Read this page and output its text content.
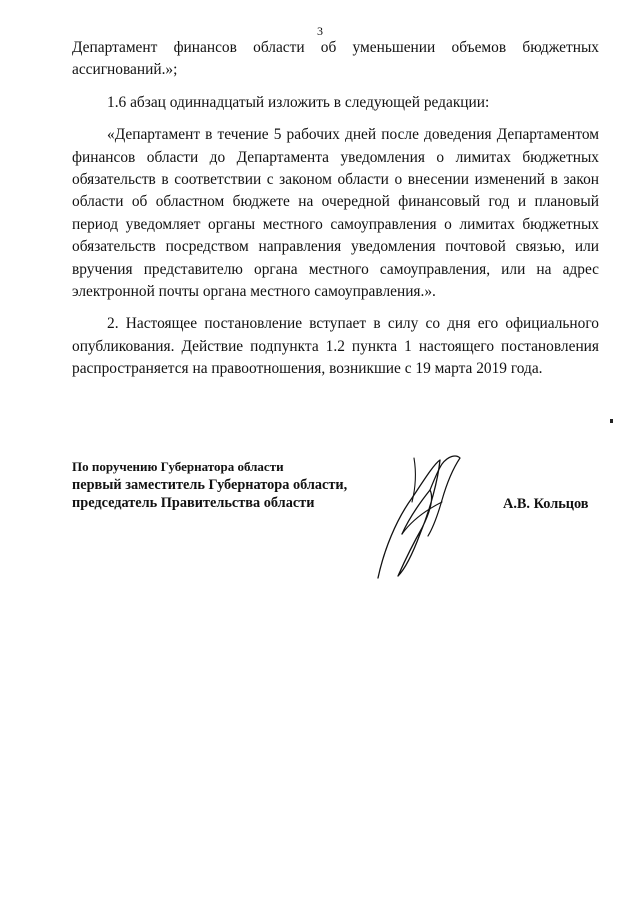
3

Департамент финансов области об уменьшении объемов бюджетных ассигнований.»;

1.6 абзац одиннадцатый изложить в следующей редакции:

«Департамент в течение 5 рабочих дней после доведения Департаментом финансов области до Департамента уведомления о лимитах бюджетных обязательств в соответствии с законом области о внесении изменений в закон области об областном бюджете на очередной финансовый год и плановый период уведомляет органы местного самоуправления о лимитах бюджетных обязательств посредством направления уведомления почтовой связью, или вручения представителю органа местного самоуправления, или на адрес электронной почты органа местного самоуправления.».

2. Настоящее постановление вступает в силу со дня его официального опубликования. Действие подпункта 1.2 пункта 1 настоящего постановления распространяется на правоотношения, возникшие с 19 марта 2019 года.

По поручению Губернатора области
первый заместитель Губернатора области,
председатель Правительства области	А.В. Кольцов
